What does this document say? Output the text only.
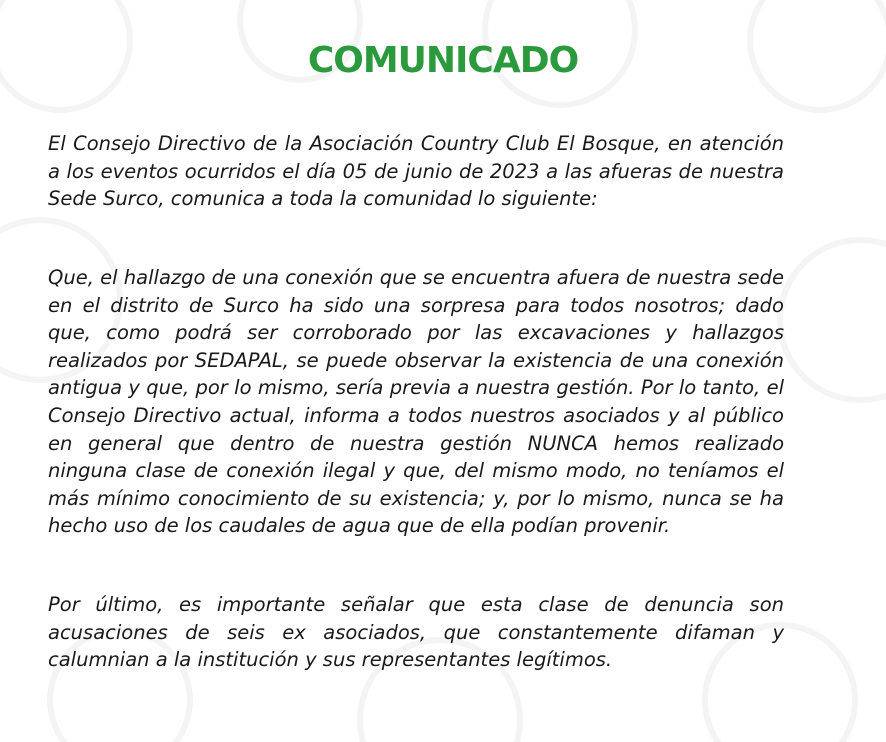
COMUNICADO

El Consejo Directivo de la Asociación Country Club El Bosque, en atención a los eventos ocurridos el día 05 de junio de 2023 a las afueras de nuestra Sede Surco, comunica a toda la comunidad lo siguiente:

Que, el hallazgo de una conexión que se encuentra afuera de nuestra sede en el distrito de Surco ha sido una sorpresa para todos nosotros; dado que, como podrá ser corroborado por las excavaciones y hallazgos realizados por SEDAPAL, se puede observar la existencia de una conexión antigua y que, por lo mismo, sería previa a nuestra gestión. Por lo tanto, el Consejo Directivo actual, informa a todos nuestros asociados y al público en general que dentro de nuestra gestión NUNCA hemos realizado ninguna clase de conexión ilegal y que, del mismo modo, no teníamos el más mínimo conocimiento de su existencia; y, por lo mismo, nunca se ha hecho uso de los caudales de agua que de ella podían provenir.

Por último, es importante señalar que esta clase de denuncia son acusaciones de seis ex asociados, que constantemente difaman y calumnian a la institución y sus representantes legítimos.
